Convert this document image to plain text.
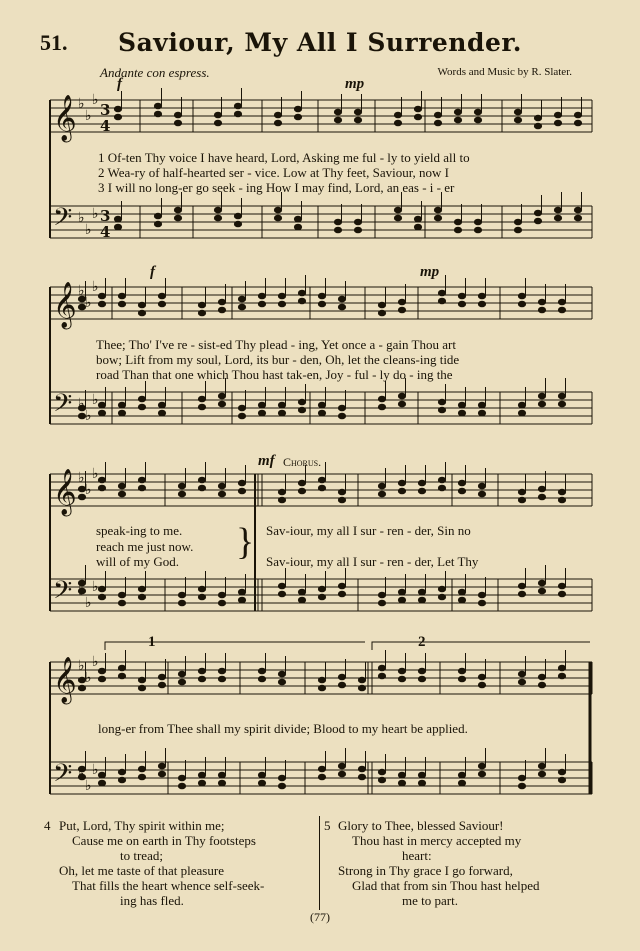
51.	Saviour, My All I Surrender.
Andante con espress.	Words and Music by R. Slater.
f	mp
f	mp
mf Chorus.
1	2
𝄞 ♭
♭
♭
3
4
𝄢 ♭
♭
♭ 3
4
𝄞 ♭
♭
♭
𝄢 ♭
♭
♭
𝄞 ♭
♭
♭
𝄢 ♭
♭
♭
𝄞 ♭
♭
♭
𝄢 ♭
♭
♭
1 Of-ten Thy voice I have heard, Lord, Asking me ful - ly to yield all to
2 Wea-ry of half-hearted ser - vice. Low at Thy feet, Saviour, now I
3 I will no long-er go seek - ing How I may find, Lord, an eas - i - er
Thee; Tho' I've re - sist-ed Thy plead - ing, Yet once a - gain Thou art
bow; Lift from my soul, Lord, its bur - den, Oh, let the cleans-ing tide
road Than that one which Thou hast tak-en, Joy - ful - ly do - ing the
speak-ing to me.
reach me just now.
will of my God. } Sav-iour, my all I sur - ren - der, Sin no
Sav-iour, my all I sur - ren - der, Let Thy
long-er from Thee shall my spirit divide; Blood to my heart be applied.
4 Put, Lord, Thy spirit within me;
Cause me on earth in Thy footsteps
to tread;
Oh, let me taste of that pleasure
That fills the heart whence self-seek-
ing has fled.
5 Glory to Thee, blessed Saviour!
Thou hast in mercy accepted my
heart:
Strong in Thy grace I go forward,
Glad that from sin Thou hast helped
me to part.
(77)
